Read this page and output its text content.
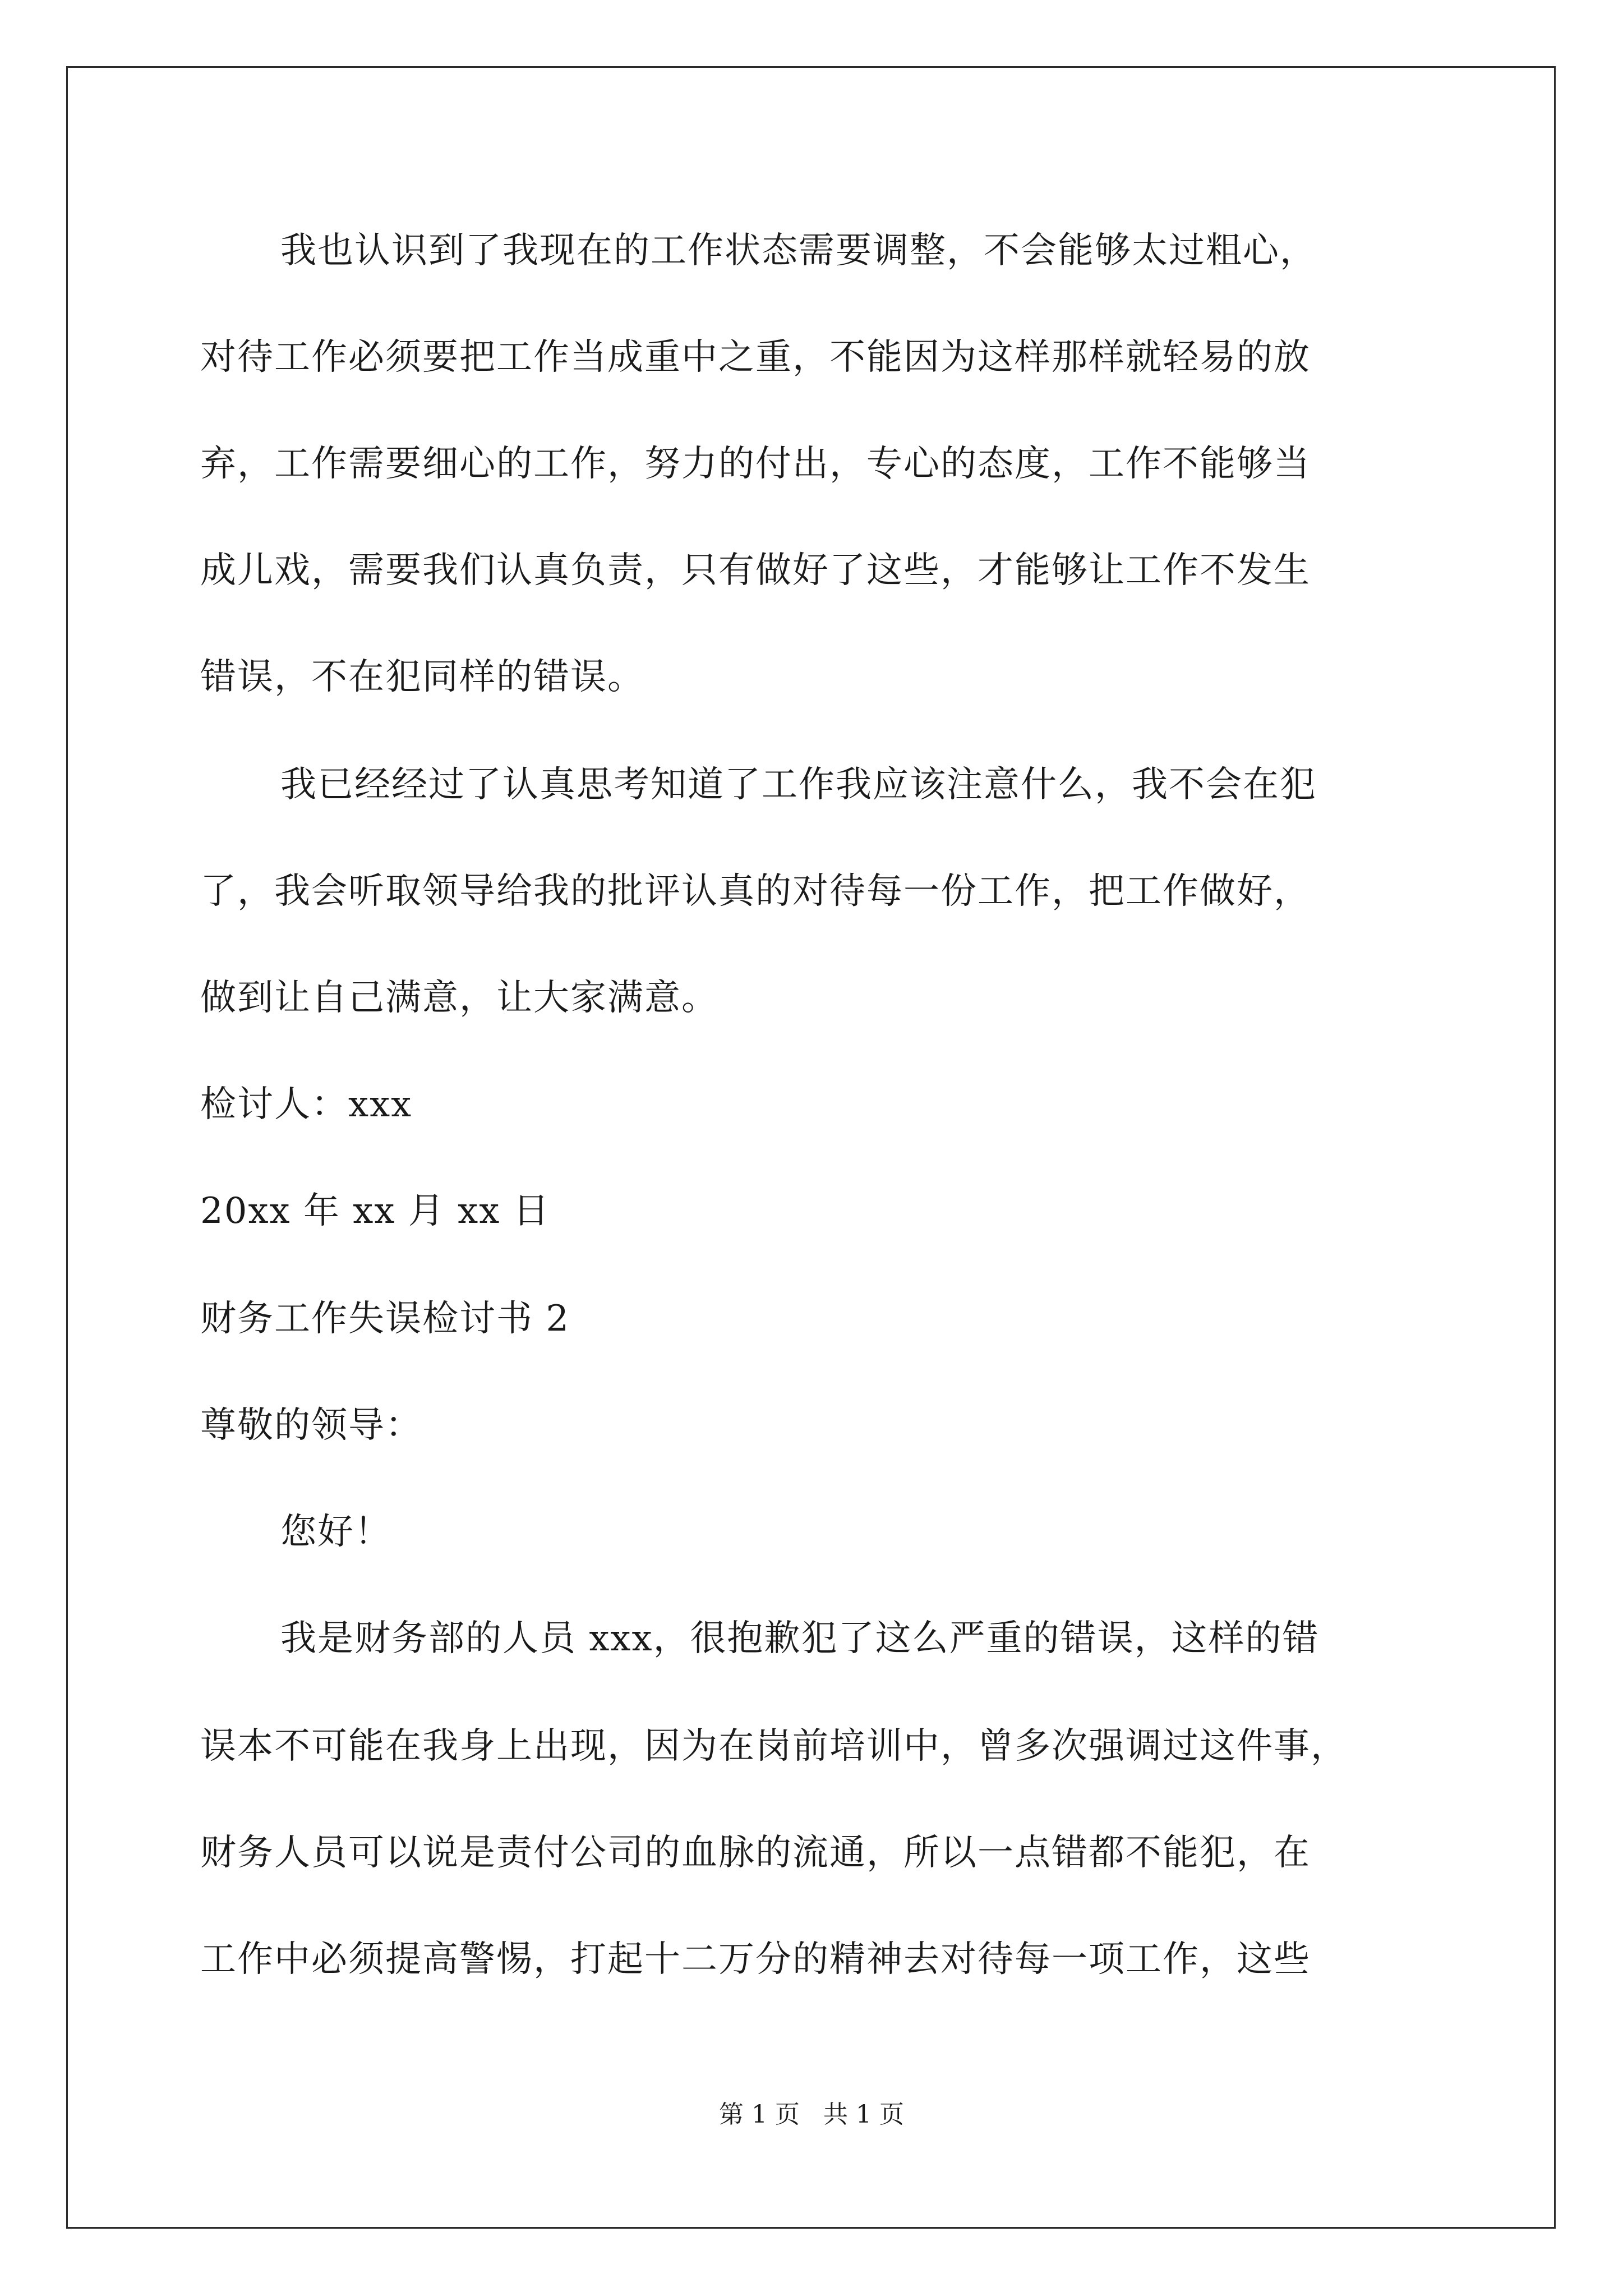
我也认识到了我现在的工作状态需要调整，不会能够太过粗心，
对待工作必须要把工作当成重中之重，不能因为这样那样就轻易的放
弃，工作需要细心的工作，努力的付出，专心的态度，工作不能够当
成儿戏，需要我们认真负责，只有做好了这些，才能够让工作不发生
错误，不在犯同样的错误。
我已经经过了认真思考知道了工作我应该注意什么，我不会在犯
了，我会听取领导给我的批评认真的对待每一份工作，把工作做好，
做到让自己满意，让大家满意。
检讨人：xxx
20xx 年 xx 月 xx 日
财务工作失误检讨书 2
尊敬的领导：
您好！
我是财务部的人员 xxx，很抱歉犯了这么严重的错误，这样的错
误本不可能在我身上出现，因为在岗前培训中，曾多次强调过这件事，
财务人员可以说是责付公司的血脉的流通，所以一点错都不能犯，在
工作中必须提高警惕，打起十二万分的精神去对待每一项工作，这些
第 1 页 共 1 页
